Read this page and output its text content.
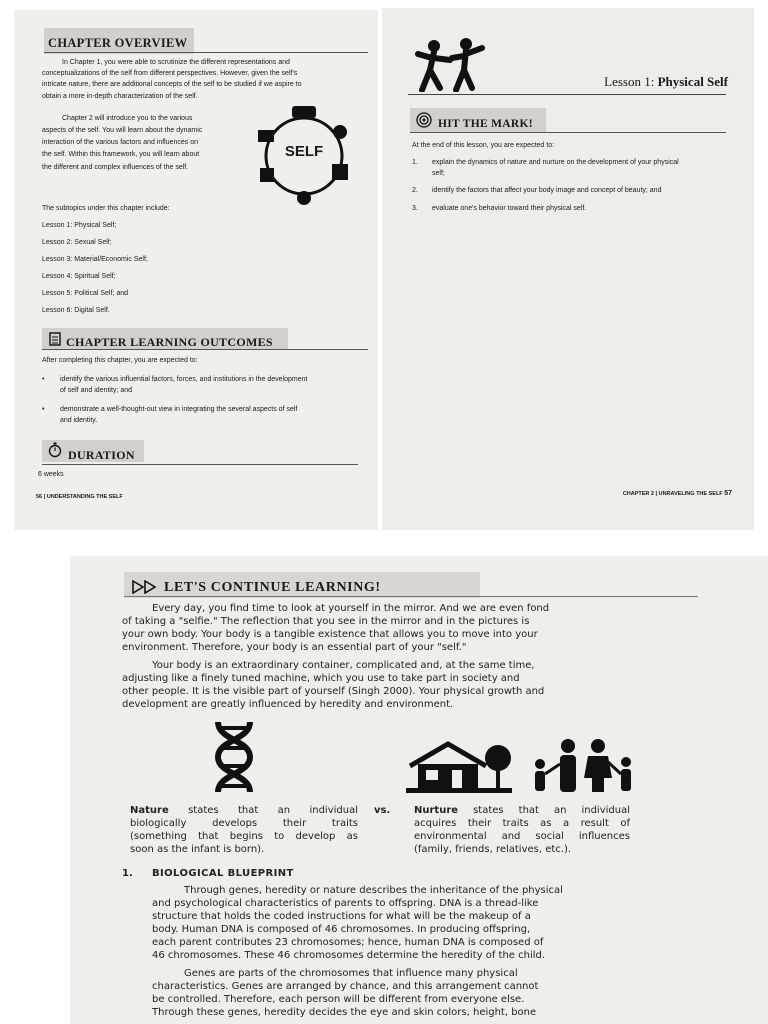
CHAPTER OVERVIEW
In Chapter 1, you were able to scrutinize the different representations and
conceptualizations of the self from different perspectives. However, given the self's
intricate nature, there are additional concepts of the self to be studied if we aspire to
obtain a more in-depth characterization of the self.
Chapter 2 will introduce you to the various
aspects of the self. You will learn about the dynamic
interaction of the various factors and influences on
the self. Within this framework, you will learn about
the different and complex influences of the self.
SELF
The subtopics under this chapter include:
Lesson 1: Physical Self;
Lesson 2: Sexual Self;
Lesson 3: Material/Economic Self;
Lesson 4: Spiritual Self;
Lesson 5: Political Self; and
Lesson 6: Digital Self.
CHAPTER LEARNING OUTCOMES
After completing this chapter, you are expected to:
• identify the various influential factors, forces, and institutions in the development
of self and identity; and
• demonstrate a well-thought-out view in integrating the several aspects of self
and identity.
DURATION
6 weeks
56 | UNDERSTANDING THE SELF
Lesson 1: Physical Self
HIT THE MARK!
At the end of this lesson, you are expected to:
1. explain the dynamics of nature and nurture on the development of your physical
self;
2. identify the factors that affect your body image and concept of beauty; and
3. evaluate one's behavior toward their physical self.
CHAPTER 2 | UNRAVELING THE SELF 57
LET'S CONTINUE LEARNING!
Every day, you find time to look at yourself in the mirror. And we are even fond
of taking a "selfie." The reflection that you see in the mirror and in the pictures is
your own body. Your body is a tangible existence that allows you to move into your
environment. Therefore, your body is an essential part of your "self."
Your body is an extraordinary container, complicated and, at the same time,
adjusting like a finely tuned machine, which you use to take part in society and
other people. It is the visible part of yourself (Singh 2000). Your physical growth and
development are greatly influenced by heredity and environment.
Nature states that an individual
biologically develops their traits
(something that begins to develop as
soon as the infant is born).
vs. Nurture states that an individual
acquires their traits as a result of
environmental and social influences
(family, friends, relatives, etc.).
1. BIOLOGICAL BLUEPRINT
Through genes, heredity or nature describes the inheritance of the physical
and psychological characteristics of parents to offspring. DNA is a thread-like
structure that holds the coded instructions for what will be the makeup of a
body. Human DNA is composed of 46 chromosomes. In producing offspring,
each parent contributes 23 chromosomes; hence, human DNA is composed of
46 chromosomes. These 46 chromosomes determine the heredity of the child.
Genes are parts of the chromosomes that influence many physical
characteristics. Genes are arranged by chance, and this arrangement cannot
be controlled. Therefore, each person will be different from everyone else.
Through these genes, heredity decides the eye and skin colors, height, bone
